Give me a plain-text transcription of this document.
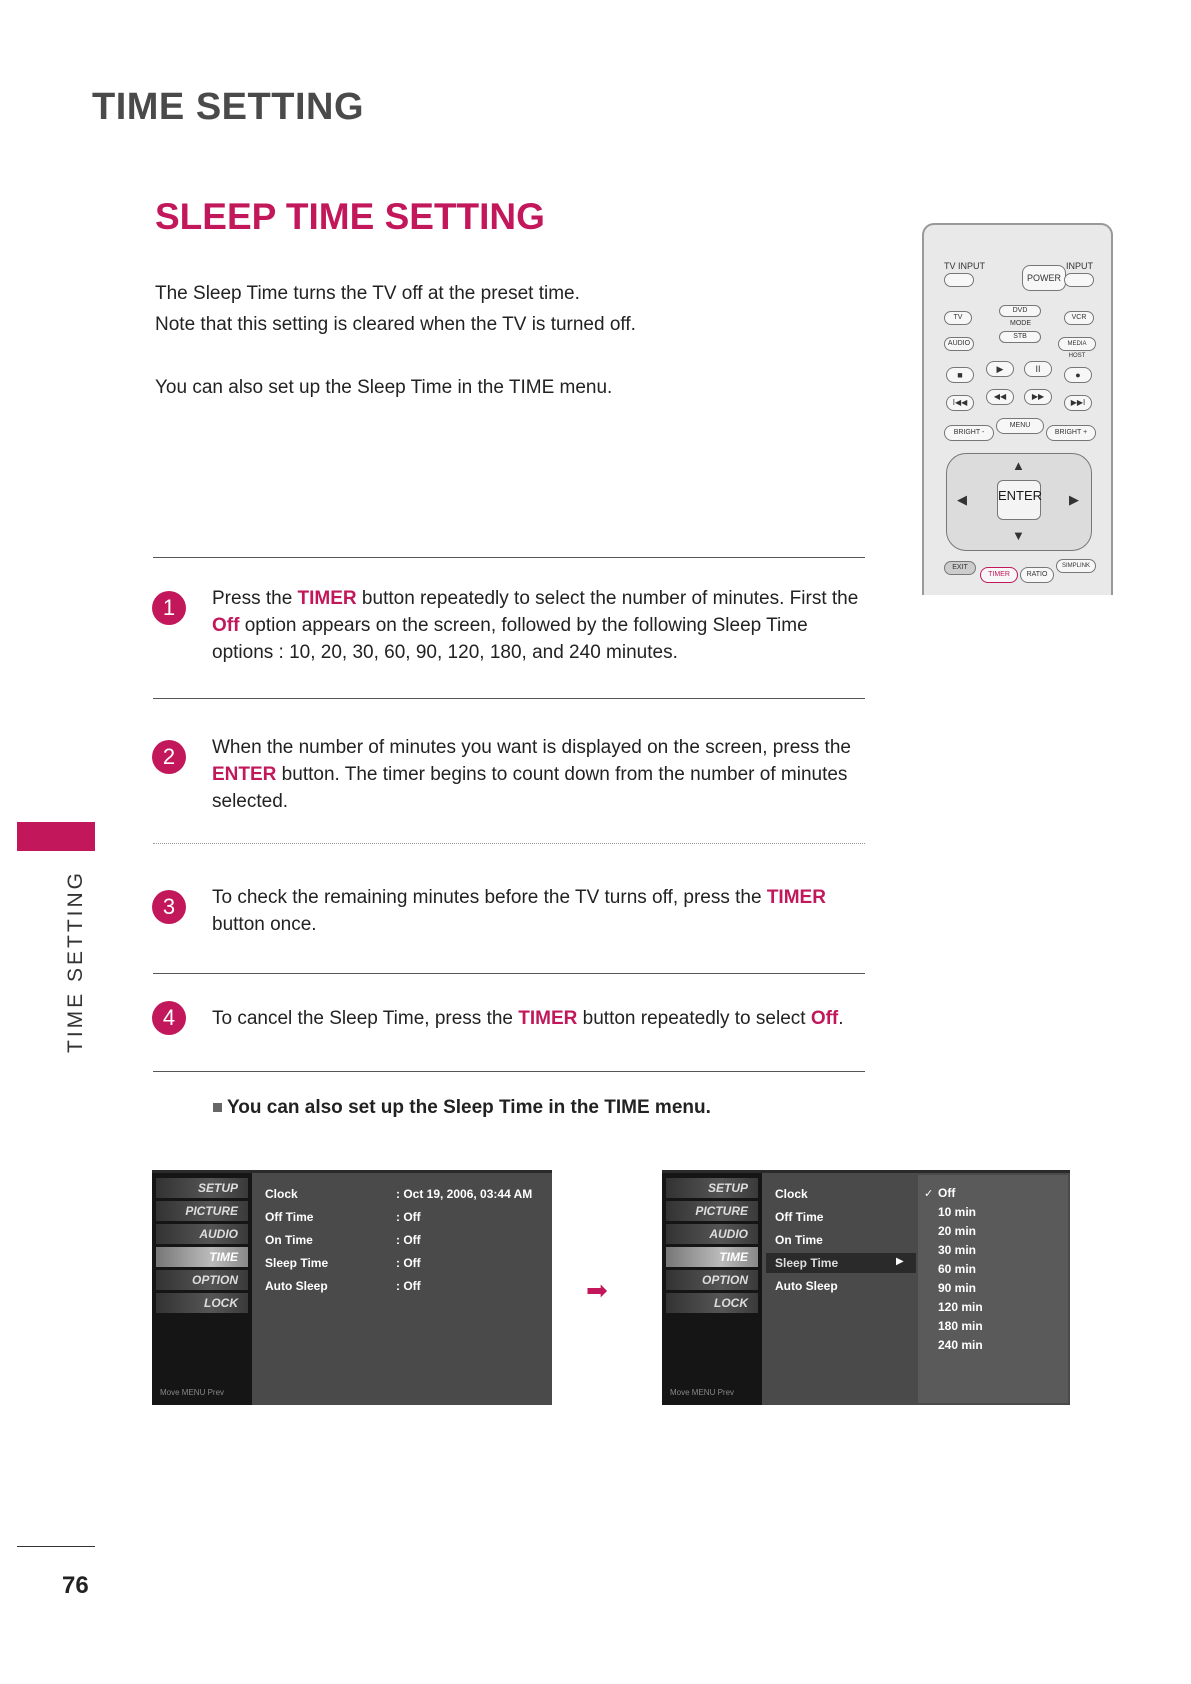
TIME SETTING
SLEEP TIME SETTING
The Sleep Time turns the TV off at the preset time.
Note that this setting is cleared when the TV is turned off.
You can also set up the Sleep Time in the TIME menu.
TIME SETTING
1	Press the TIMER button repeatedly to select the number of minutes. First the Off option appears on the screen, followed by the following Sleep Time options : 10, 20, 30, 60, 90, 120, 180, and 240 minutes.
2	When the number of minutes you want is displayed on the screen, press the ENTER button. The timer begins to count down from the number of minutes selected.
3	To check the remaining minutes before the TV turns off, press the TIMER button once.
4	To cancel the Sleep Time, press the TIMER button repeatedly to select Off.
You can also set up the Sleep Time in the TIME menu.
TV INPUT
POWER
INPUT
TV
DVD
MODE
VCR
AUDIO
STB
MEDIA HOST
■
▶	II
●
I◀◀
◀◀	▶▶
▶▶I
BRIGHT -
MENU
BRIGHT +
▲
▼
◀	▶
ENTER
EXIT
TIMER	RATIO
SIMPLINK
SETUP
PICTURE
AUDIO
TIME
OPTION
LOCK
Move MENU Prev
Clock	: Oct 19, 2006, 03:44 AM
Off Time	: Off
On Time	: Off
Sleep Time	: Off
Auto Sleep	: Off	➡
SETUP
PICTURE
AUDIO
TIME
OPTION
LOCK
Move MENU Prev
Clock
Off Time
On Time
Sleep Time	▶
Auto Sleep
✓ Off
10 min
20 min
30 min
60 min
90 min
120 min
180 min
240 min
76
